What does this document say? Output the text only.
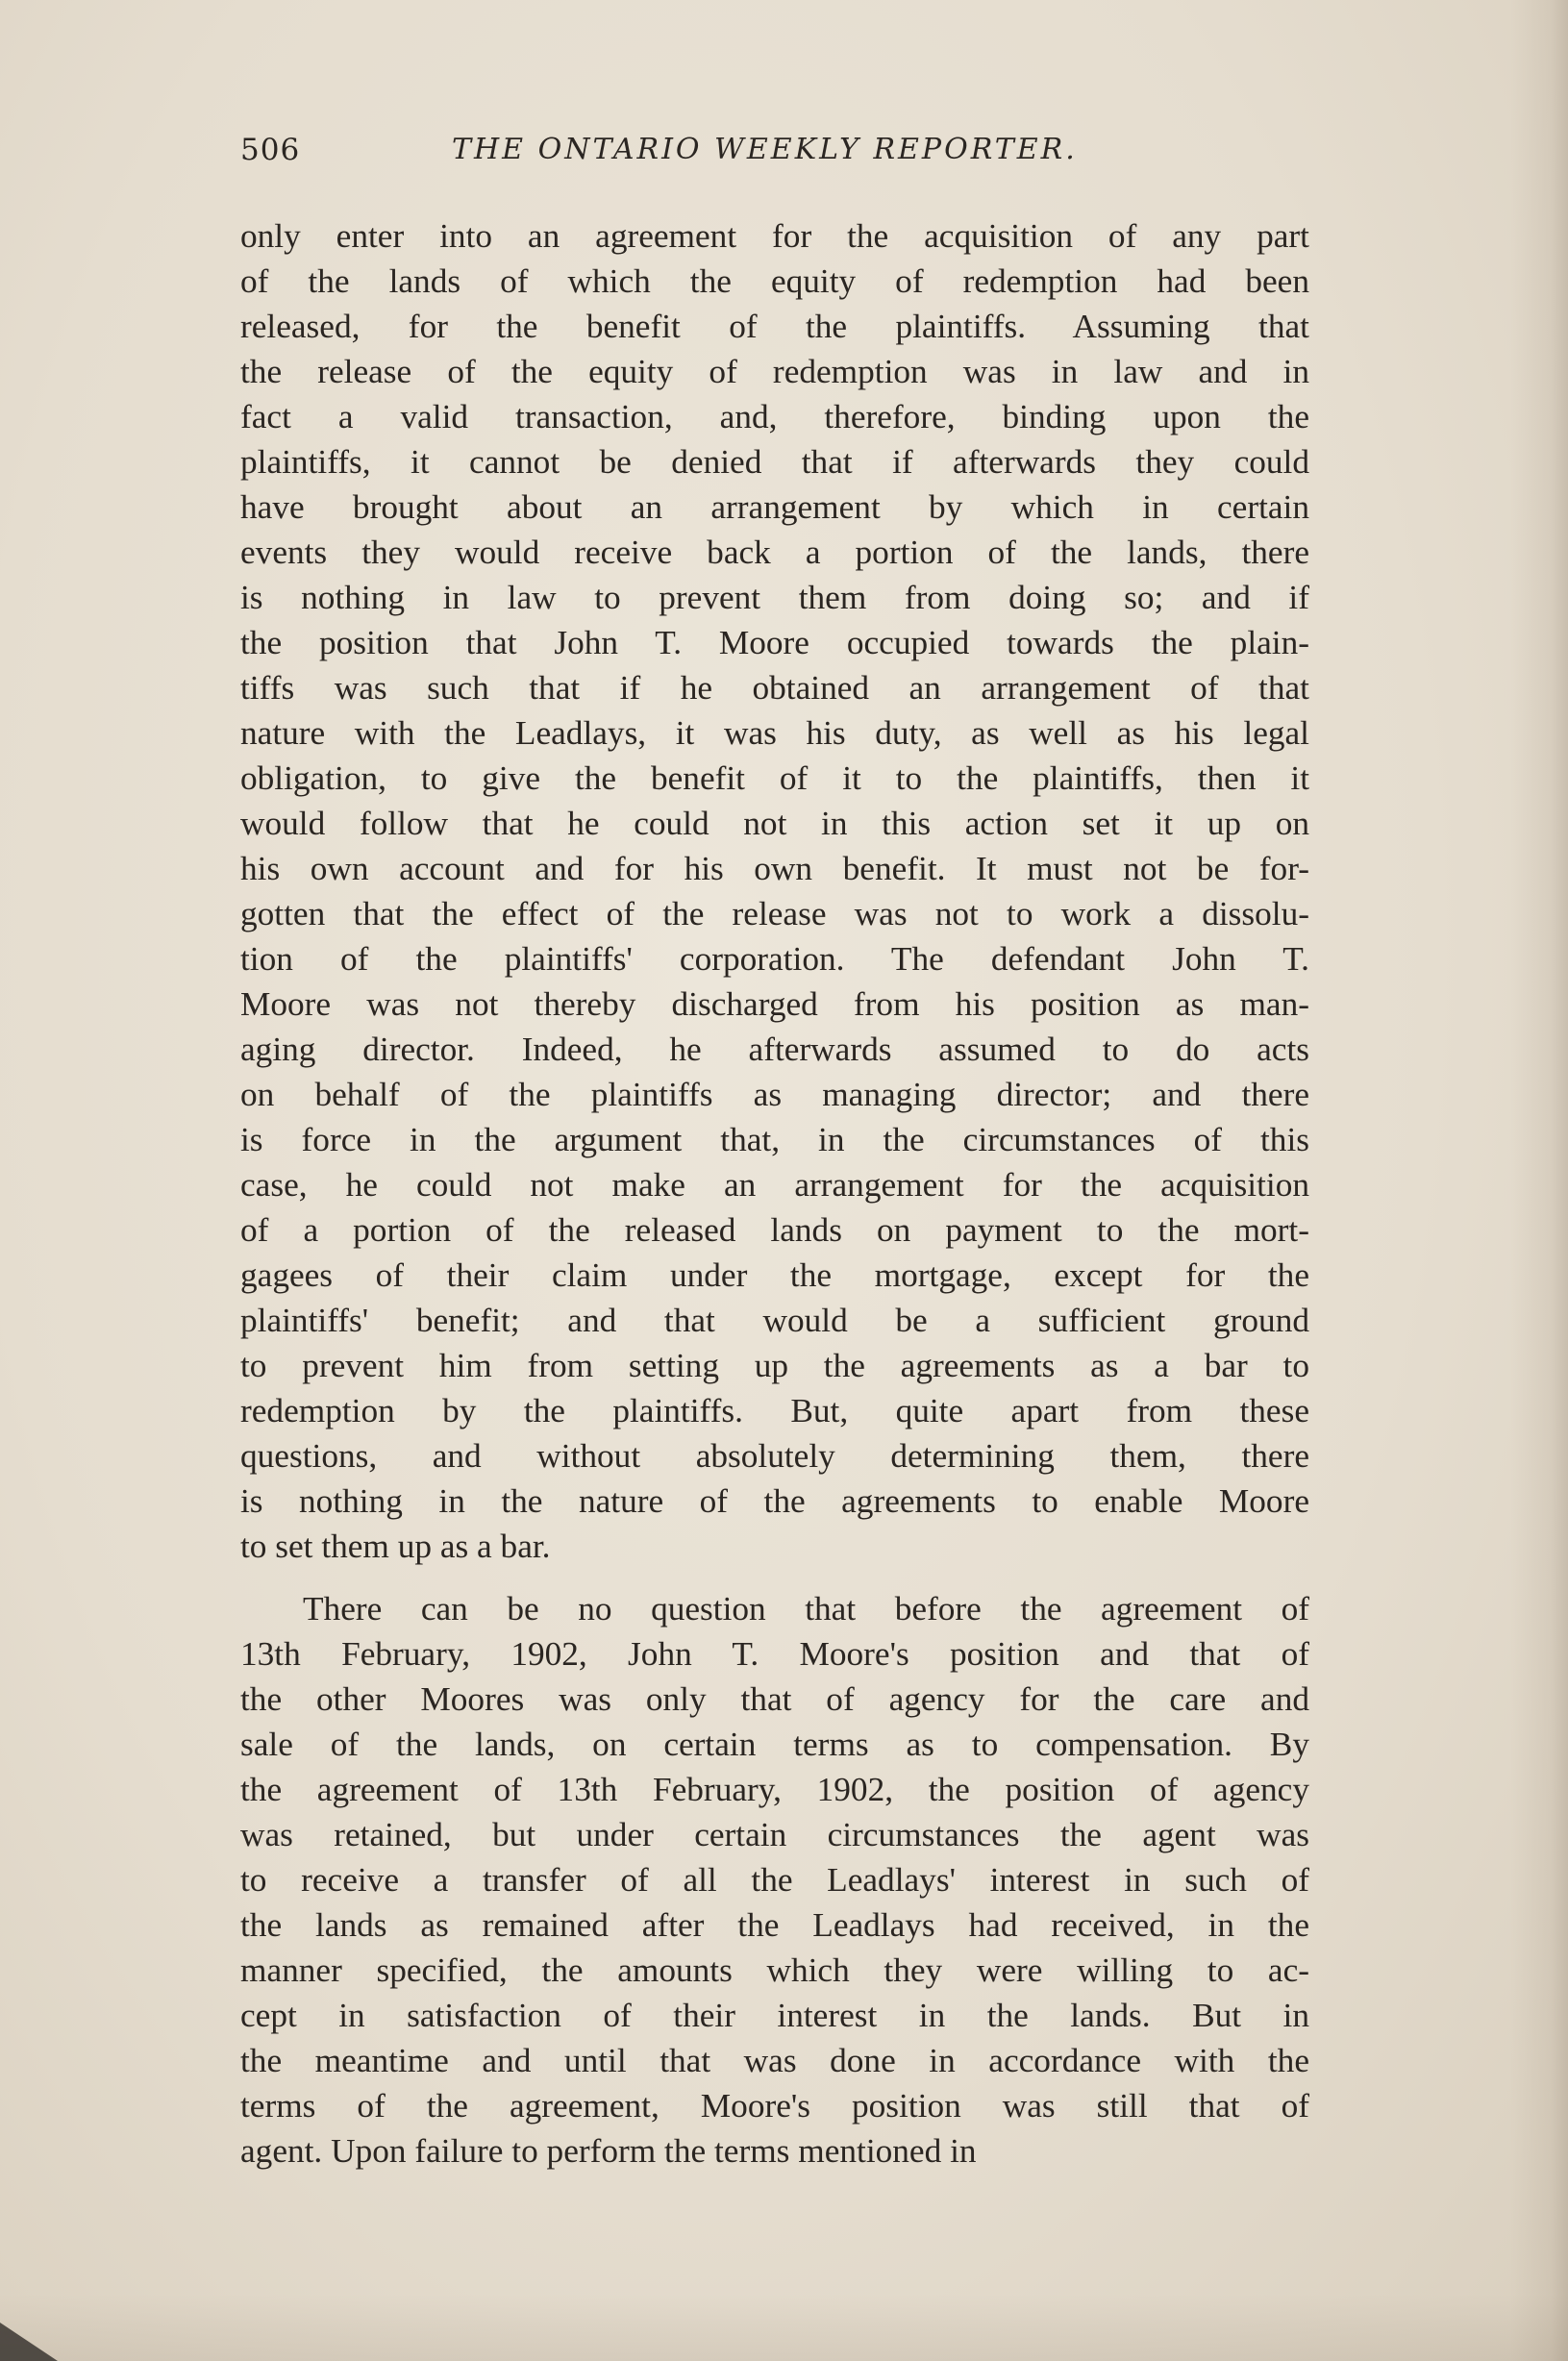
506	THE ONTARIO WEEKLY REPORTER.
only enter into an agreement for the acquisition of any part
of the lands of which the equity of redemption had been
released, for the benefit of the plaintiffs. Assuming that
the release of the equity of redemption was in law and in
fact a valid transaction, and, therefore, binding upon the
plaintiffs, it cannot be denied that if afterwards they could
have brought about an arrangement by which in certain
events they would receive back a portion of the lands, there
is nothing in law to prevent them from doing so; and if
the position that John T. Moore occupied towards the plain-
tiffs was such that if he obtained an arrangement of that
nature with the Leadlays, it was his duty, as well as his legal
obligation, to give the benefit of it to the plaintiffs, then it
would follow that he could not in this action set it up on
his own account and for his own benefit. It must not be for-
gotten that the effect of the release was not to work a dissolu-
tion of the plaintiffs' corporation. The defendant John T.
Moore was not thereby discharged from his position as man-
aging director. Indeed, he afterwards assumed to do acts
on behalf of the plaintiffs as managing director; and there
is force in the argument that, in the circumstances of this
case, he could not make an arrangement for the acquisition
of a portion of the released lands on payment to the mort-
gagees of their claim under the mortgage, except for the
plaintiffs' benefit; and that would be a sufficient ground
to prevent him from setting up the agreements as a bar to
redemption by the plaintiffs. But, quite apart from these
questions, and without absolutely determining them, there
is nothing in the nature of the agreements to enable Moore
to set them up as a bar.
There can be no question that before the agreement of
13th February, 1902, John T. Moore's position and that of
the other Moores was only that of agency for the care and
sale of the lands, on certain terms as to compensation. By
the agreement of 13th February, 1902, the position of agency
was retained, but under certain circumstances the agent was
to receive a transfer of all the Leadlays' interest in such of
the lands as remained after the Leadlays had received, in the
manner specified, the amounts which they were willing to ac-
cept in satisfaction of their interest in the lands. But in
the meantime and until that was done in accordance with the
terms of the agreement, Moore's position was still that of
agent. Upon failure to perform the terms mentioned in
